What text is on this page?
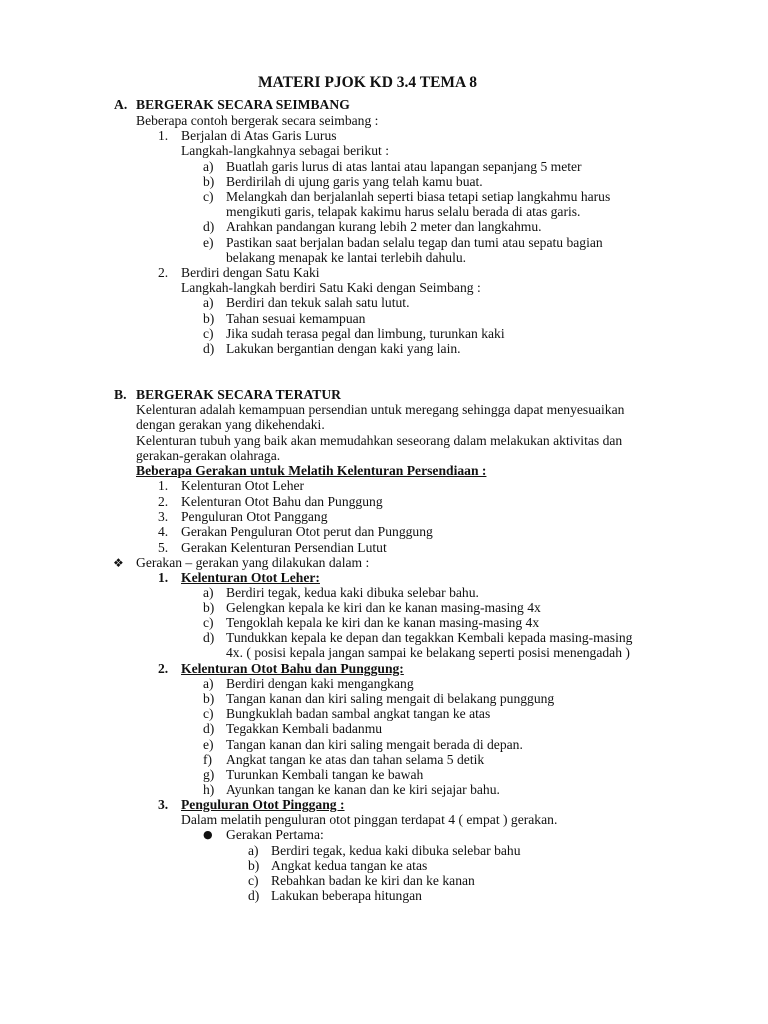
MATERI PJOK KD 3.4 TEMA 8
A. BERGERAK SECARA SEIMBANG
Beberapa contoh bergerak secara seimbang :
1. Berjalan di Atas Garis Lurus
Langkah-langkahnya sebagai berikut :
a) Buatlah garis lurus di atas lantai atau lapangan sepanjang 5 meter
b) Berdirilah di ujung garis yang telah kamu buat.
c) Melangkah dan berjalanlah seperti biasa tetapi setiap langkahmu harus
mengikuti garis, telapak kakimu harus selalu berada di atas garis.
d) Arahkan pandangan kurang lebih 2 meter dan langkahmu.
e) Pastikan saat berjalan badan selalu tegap dan tumi atau sepatu bagian
belakang menapak ke lantai terlebih dahulu.
2. Berdiri dengan Satu Kaki
Langkah-langkah berdiri Satu Kaki dengan Seimbang :
a) Berdiri dan tekuk salah satu lutut.
b) Tahan sesuai kemampuan
c) Jika sudah terasa pegal dan limbung, turunkan kaki
d) Lakukan bergantian dengan kaki yang lain.
B. BERGERAK SECARA TERATUR
Kelenturan adalah kemampuan persendian untuk meregang sehingga dapat menyesuaikan
dengan gerakan yang dikehendaki.
Kelenturan tubuh yang baik akan memudahkan seseorang dalam melakukan aktivitas dan
gerakan-gerakan olahraga.
Beberapa Gerakan untuk Melatih Kelenturan Persendiaan :
1. Kelenturan Otot Leher
2. Kelenturan Otot Bahu dan Punggung
3. Penguluran Otot Panggang
4. Gerakan Penguluran Otot perut dan Punggung
5. Gerakan Kelenturan Persendian Lutut
❖ Gerakan – gerakan yang dilakukan dalam :
1. Kelenturan Otot Leher:
a) Berdiri tegak, kedua kaki dibuka selebar bahu.
b) Gelengkan kepala ke kiri dan ke kanan masing-masing 4x
c) Tengoklah kepala ke kiri dan ke kanan masing-masing 4x
d) Tundukkan kepala ke depan dan tegakkan Kembali kepada masing-masing
4x. ( posisi kepala jangan sampai ke belakang seperti posisi menengadah )
2. Kelenturan Otot Bahu dan Punggung:
a) Berdiri dengan kaki mengangkang
b) Tangan kanan dan kiri saling mengait di belakang punggung
c) Bungkuklah badan sambal angkat tangan ke atas
d) Tegakkan Kembali badanmu
e) Tangan kanan dan kiri saling mengait berada di depan.
f) Angkat tangan ke atas dan tahan selama 5 detik
g) Turunkan Kembali tangan ke bawah
h) Ayunkan tangan ke kanan dan ke kiri sejajar bahu.
3. Penguluran Otot Pinggang :
Dalam melatih penguluran otot pinggan terdapat 4 ( empat ) gerakan.
● Gerakan Pertama:
a) Berdiri tegak, kedua kaki dibuka selebar bahu
b) Angkat kedua tangan ke atas
c) Rebahkan badan ke kiri dan ke kanan
d) Lakukan beberapa hitungan
